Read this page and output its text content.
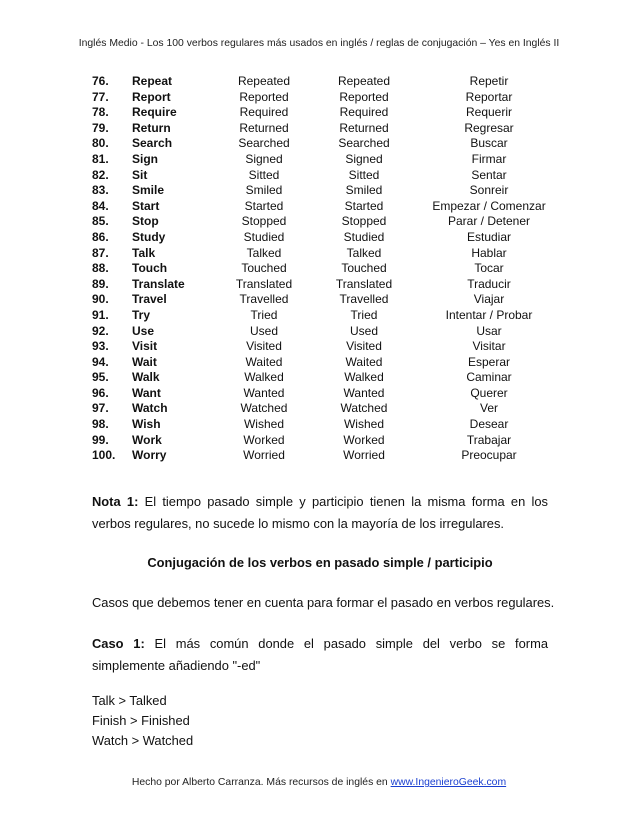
Inglés Medio - Los 100 verbos regulares más usados en inglés / reglas de conjugación – Yes en Inglés II
76.	Repeat	Repeated	Repeated	Repetir
77.	Report	Reported	Reported	Reportar
78.	Require	Required	Required	Requerir
79.	Return	Returned	Returned	Regresar
80.	Search	Searched	Searched	Buscar
81.	Sign	Signed	Signed	Firmar
82.	Sit	Sitted	Sitted	Sentar
83.	Smile	Smiled	Smiled	Sonreir
84.	Start	Started	Started	Empezar / Comenzar
85.	Stop	Stopped	Stopped	Parar / Detener
86.	Study	Studied	Studied	Estudiar
87.	Talk	Talked	Talked	Hablar
88.	Touch	Touched	Touched	Tocar
89.	Translate	Translated	Translated	Traducir
90.	Travel	Travelled	Travelled	Viajar
91.	Try	Tried	Tried	Intentar / Probar
92.	Use	Used	Used	Usar
93.	Visit	Visited	Visited	Visitar
94.	Wait	Waited	Waited	Esperar
95.	Walk	Walked	Walked	Caminar
96.	Want	Wanted	Wanted	Querer
97.	Watch	Watched	Watched	Ver
98.	Wish	Wished	Wished	Desear
99.	Work	Worked	Worked	Trabajar
100.	Worry	Worried	Worried	Preocupar
Nota 1: El tiempo pasado simple y participio tienen la misma forma en los verbos regulares, no sucede lo mismo con la mayoría de los irregulares.
Conjugación de los verbos en pasado simple / participio
Casos que debemos tener en cuenta para formar el pasado en verbos regulares.
Caso 1: El más común donde el pasado simple del verbo se forma simplemente añadiendo "-ed"
Talk > Talked
Finish > Finished
Watch > Watched
Hecho por Alberto Carranza. Más recursos de inglés en www.IngenieroGeek.com
